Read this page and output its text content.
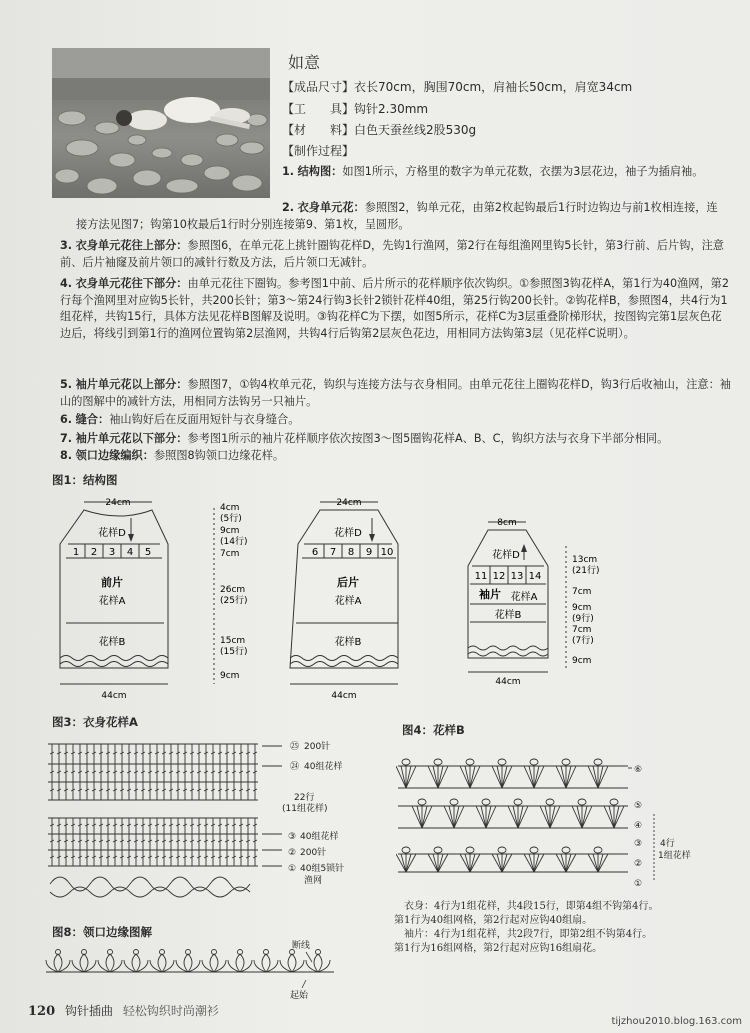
如意
【成品尺寸】衣长70cm，胸围70cm，肩袖长50cm，肩宽34cm
【工　　具】钩针2.30mm
【材　　料】白色天蚕丝线2股530g
【制作过程】
1. 结构图：如图1所示，方格里的数字为单元花数，衣摆为3层花边，袖子为插肩袖。
2. 衣身单元花：参照图2，钩单元花，由第2枚起钩最后1行时边钩边与前1枚相连接，连接方法见图7；钩第10枚最后1行时分别连接第9、第1枚，呈圆形。
3. 衣身单元花往上部分：参照图6，在单元花上挑针圈钩花样D，先钩1行渔网，第2行在每组渔网里钩5长针，第3行前、后片钩，注意前、后片袖窿及前片领口的减针行数及方法，后片领口无减针。
4. 衣身单元花往下部分：由单元花往下圈钩。参考图1中前、后片所示的花样顺序依次钩织。①参照图3钩花样A，第1行为40渔网，第2行每个渔网里对应钩5长针，共200长针；第3～第24行钩3长针2锁针花样40组，第25行钩200长针。②钩花样B，参照图4，共4行为1组花样，共钩15行，具体方法见花样B图解及说明。③钩花样C为下摆，如图5所示，花样C为3层重叠阶梯形状，按图钩完第1层灰色花边后，将线引到第1行的渔网位置钩第2层渔网，共钩4行后钩第2层灰色花边，用相同方法钩第3层（见花样C说明）。
5. 袖片单元花以上部分：参照图7，①钩4枚单元花，钩织与连接方法与衣身相同。由单元花往上圈钩花样D，钩3行后收袖山，注意：袖山的图解中的减针方法，用相同方法钩另一只袖片。
6. 缝合：袖山钩好后在反面用短针与衣身缝合。
7. 袖片单元花以下部分：参考图1所示的袖片花样顺序依次按图3～图5圈钩花样A、B、C，钩织方法与衣身下半部分相同。
8. 领口边缘编织：参照图8钩领口边缘花样。
图1：结构图
24cm
花样D
1 2 3 4 5
前片
花样A
花样B
44cm
4cm
(5行)
9cm
(14行)
7cm
26cm
(25行)
15cm
(15行)
9cm
24cm
花样D
6 7 8 9 10
后片
花样A
花样B
44cm
8cm
花样D
11 12 13 14
袖片 花样A
花样B
44cm
13cm
(21行)
7cm
9cm
(9行)
7cm
(7行)
9cm
图3：衣身花样A
㉕ 200针
㉔ 40组花样
22行
(11组花样)
③ 40组花样
② 200针
① 40组5锁针
渔网
图4：花样B
⑥
⑤
④
③
②
①
4行
1组花样
衣身：4行为1组花样，共4段15行，即第4组不钩第4行。
第1行为40组网格，第2行起对应钩40组扇。
袖片：4行为1组花样，共2段7行，即第2组不钩第4行。
第1行为16组网格，第2行起对应钩16组扇花。
图8：领口边缘图解
断线
起始
120 钩针插曲 轻松钩织时尚潮衫
tijzhou2010.blog.163.com
